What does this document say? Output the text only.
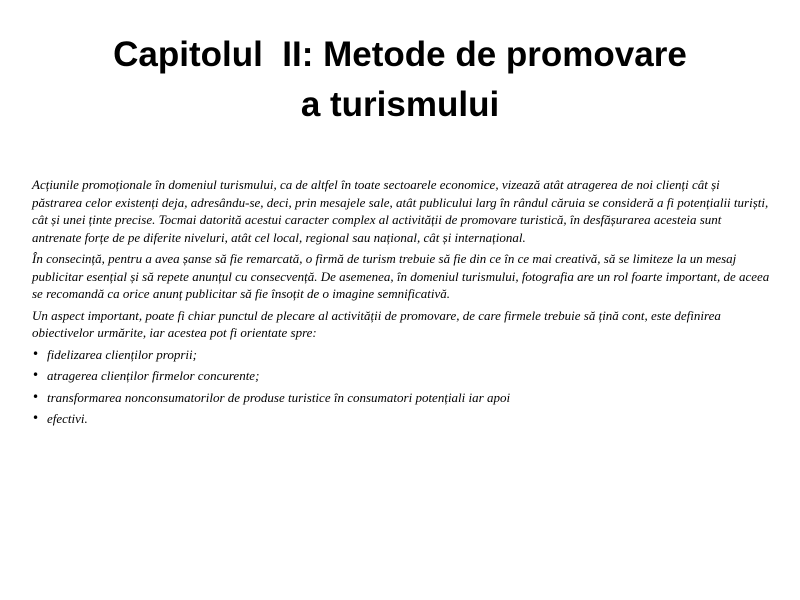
Capitolul  II: Metode de promovare
a turismului

Acțiunile promoționale în domeniul turismului, ca de altfel în toate sectoarele economice, vizează atât atragerea de noi clienți cât și păstrarea celor existenți deja, adresându-se, deci, prin mesajele sale, atât publicului larg în rândul căruia se consideră a fi potențialii turiști, cât și unei ținte precise. Tocmai datorită acestui caracter complex al activității de promovare turistică, în desfășurarea acesteia sunt antrenate forțe de pe diferite niveluri, atât cel local, regional sau național, cât și internațional.

În consecință, pentru a avea șanse să fie remarcată, o firmă de turism trebuie să fie din ce în ce mai creativă, să se limiteze la un mesaj publicitar esențial și să repete anunțul cu consecvență. De asemenea, în domeniul turismului, fotografia are un rol foarte important, de aceea se recomandă ca orice anunț publicitar să fie însoțit de o imagine semnificativă.

Un aspect important, poate fi chiar punctul de plecare al activității de promovare, de care firmele trebuie să țină cont, este definirea obiectivelor urmărite, iar acestea pot fi orientate spre:

• fidelizarea clienților proprii;
• atragerea clienților firmelor concurente;
• transformarea nonconsumatorilor de produse turistice în consumatori potențiali iar apoi
• efectivi.
